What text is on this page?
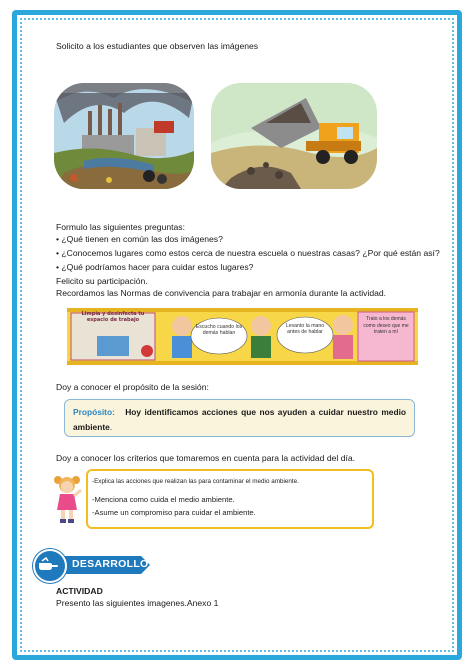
Solicito a los estudiantes que observen las imágenes
Formulo las siguientes preguntas:
• ¿Qué tienen en común las dos imágenes?
• ¿Conocemos lugares como estos cerca de nuestra escuela o nuestras casas? ¿Por qué están así?
• ¿Qué podríamos hacer para cuidar estos lugares?
Felicito su participación.
Recordamos las Normas de convivencia para trabajar en armonía durante la actividad.
Limpia y desinfecta tu espacio de trabajo
Escucho cuando los demás hablan
Levanto la mano antes de hablar
Trato a los demás como deseo que me traten a mí
Doy a conocer el propósito de la sesión:
Propósito: Hoy identificamos acciones que nos ayuden a cuidar nuestro medio ambiente.
Doy a conocer los criterios que tomaremos en cuenta para la actividad del día.
-Explica las acciones que realizan las para contaminar el medio ambiente.
-Menciona como cuida el medio ambiente.
-Asume un compromiso para cuidar el ambiente.
DESARROLLO
ACTIVIDAD
Presento las siguientes imagenes.Anexo 1
